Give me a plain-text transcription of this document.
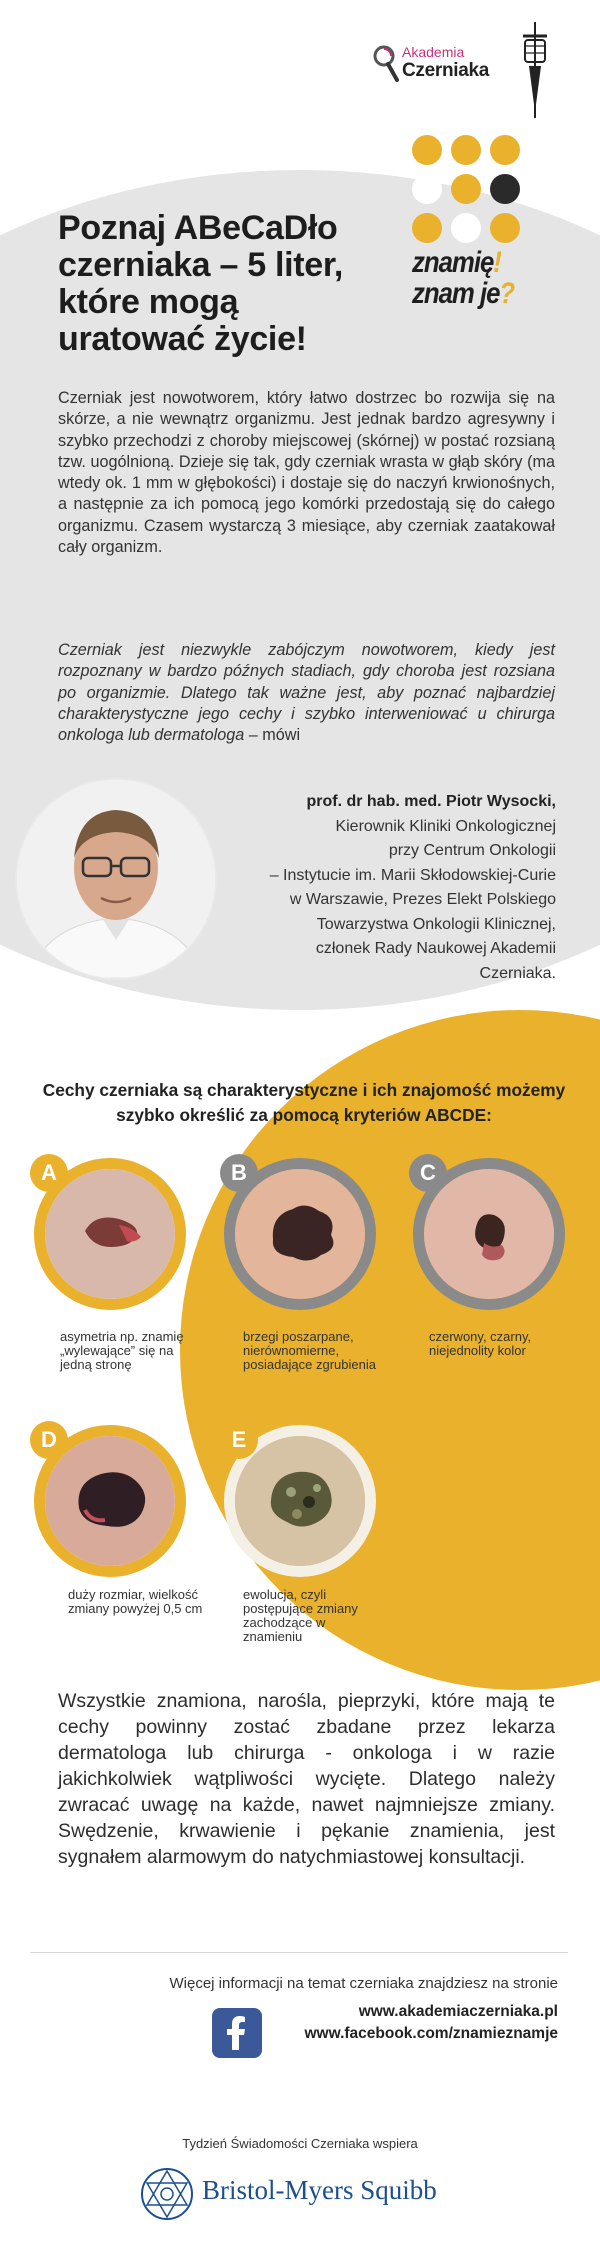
Akademia
Czerniaka
znamię!
znam je?
Poznaj ABeCaDło czerniaka – 5 liter, które mogą uratować życie!

Czerniak jest nowotworem, który łatwo dostrzec bo rozwija się na skórze, a nie wewnątrz organizmu. Jest jednak bardzo agresywny i szybko przechodzi z choroby miejscowej (skórnej) w postać rozsianą tzw. uogólnioną. Dzieje się tak, gdy czerniak wrasta w głąb skóry (ma wtedy ok. 1 mm w głębokości) i dostaje się do naczyń krwionośnych, a następnie za ich pomocą jego komórki przedostają się do całego organizmu. Czasem wystarczą 3 miesiące, aby czerniak zaatakował cały organizm.

Czerniak jest niezwykle zabójczym nowotworem, kiedy jest rozpoznany w bardzo późnych stadiach, gdy choroba jest rozsiana po organizmie. Dlatego tak ważne jest, aby poznać najbardziej charakterystyczne jego cechy i szybko interweniować u chirurga onkologa lub dermatologa – mówi

prof. dr hab. med. Piotr Wysocki,
Kierownik Kliniki Onkologicznej
przy Centrum Onkologii
– Instytucie im. Marii Skłodowskiej-Curie
w Warszawie, Prezes Elekt Polskiego
Towarzystwa Onkologii Klinicznej,
członek Rady Naukowej Akademii
Czerniaka.
Cechy czerniaka są charakterystyczne i ich znajomość możemy szybko określić za pomocą kryteriów ABCDE:
A
asymetria np. znamię „wylewające” się na jedną stronę
B
brzegi poszarpane, nierównomierne, posiadające zgrubienia
C
czerwony, czarny, niejednolity kolor
D
duży rozmiar, wielkość zmiany powyżej 0,5 cm
E
ewolucja, czyli postępujące zmiany zachodzące w znamieniu

Wszystkie znamiona, narośla, pieprzyki, które mają te cechy powinny zostać zbadane przez lekarza dermatologa lub chirurga - onkologa i w razie jakichkolwiek wątpliwości wycięte. Dlatego należy zwracać uwagę na każde, nawet najmniejsze zmiany. Swędzenie, krwawienie i pękanie znamienia, jest sygnałem alarmowym do natychmiastowej konsultacji.

Więcej informacji na temat czerniaka znajdziesz na stronie
www.akademiaczerniaka.pl
www.facebook.com/znamieznamje
Tydzień Świadomości Czerniaka wspiera
Bristol-Myers Squibb
